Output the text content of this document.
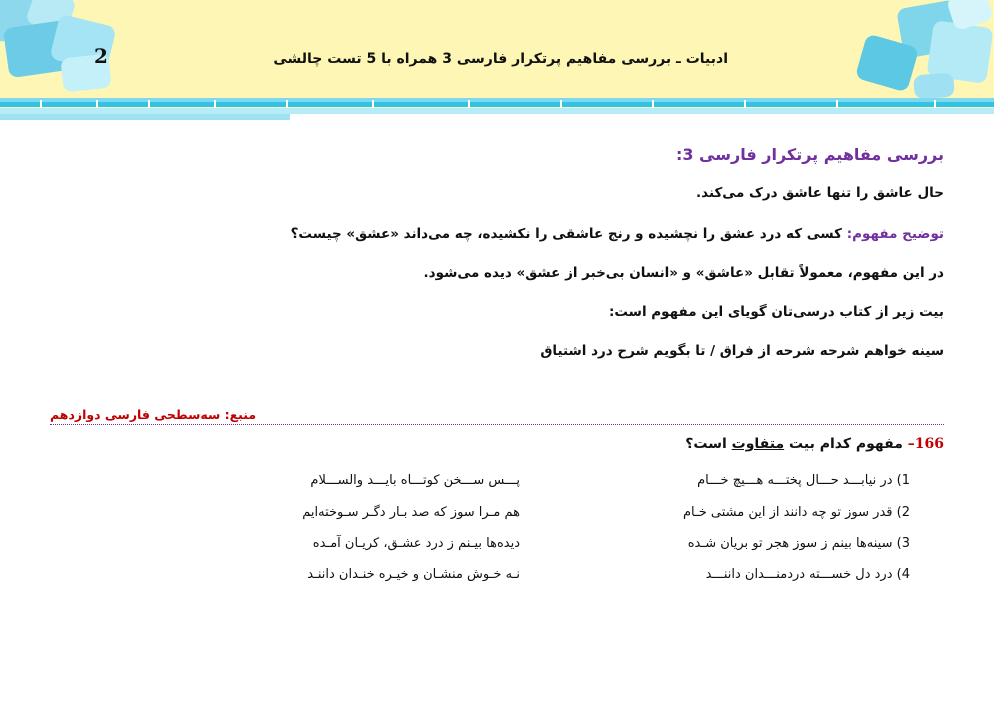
2	ادبیات ـ بررسی مفاهیم پرتکرار فارسی 3 همراه با 5 تست چالشی
بررسی مفاهیم پرتکرار فارسی 3:
حال عاشق را تنها عاشق درک می‌کند.
توضیح مفهوم: کسی که درد عشق را نچشیده و رنج عاشقی را نکشیده، چه می‌داند «عشق» چیست؟
در این مفهوم، معمولاً تقابل «عاشق» و «انسان بی‌خبر از عشق» دیده می‌شود.
بیت زیر از کتاب درسی‌تان گویای این مفهوم است:
سینه خواهم شرحه شرحه از فراق / تا بگویم شرح درد اشتیاق
منبع: سه‌سطحی فارسی دوازدهم
166– مفهوم کدام بیت متفاوت است؟
1) در نیابـــد حـــال پختـــه هـــیچ خـــام
پـــس ســـخن کوتـــاه بایـــد والســـلام
2) قدر سوز تو چه دانند از این مشتی خـام
هم مـرا سوز که صد بـار دگـر سـوخته‌ایم
3) سینه‌ها بینم ز سوز هجر تو بریان شـده
دیده‌ها بیـنم ز درد عشـق، کریـان آمـده
4) درد دل خســـته دردمنـــدان داننـــد
نـه خـوش منشـان و خیـره خنـدان داننـد
